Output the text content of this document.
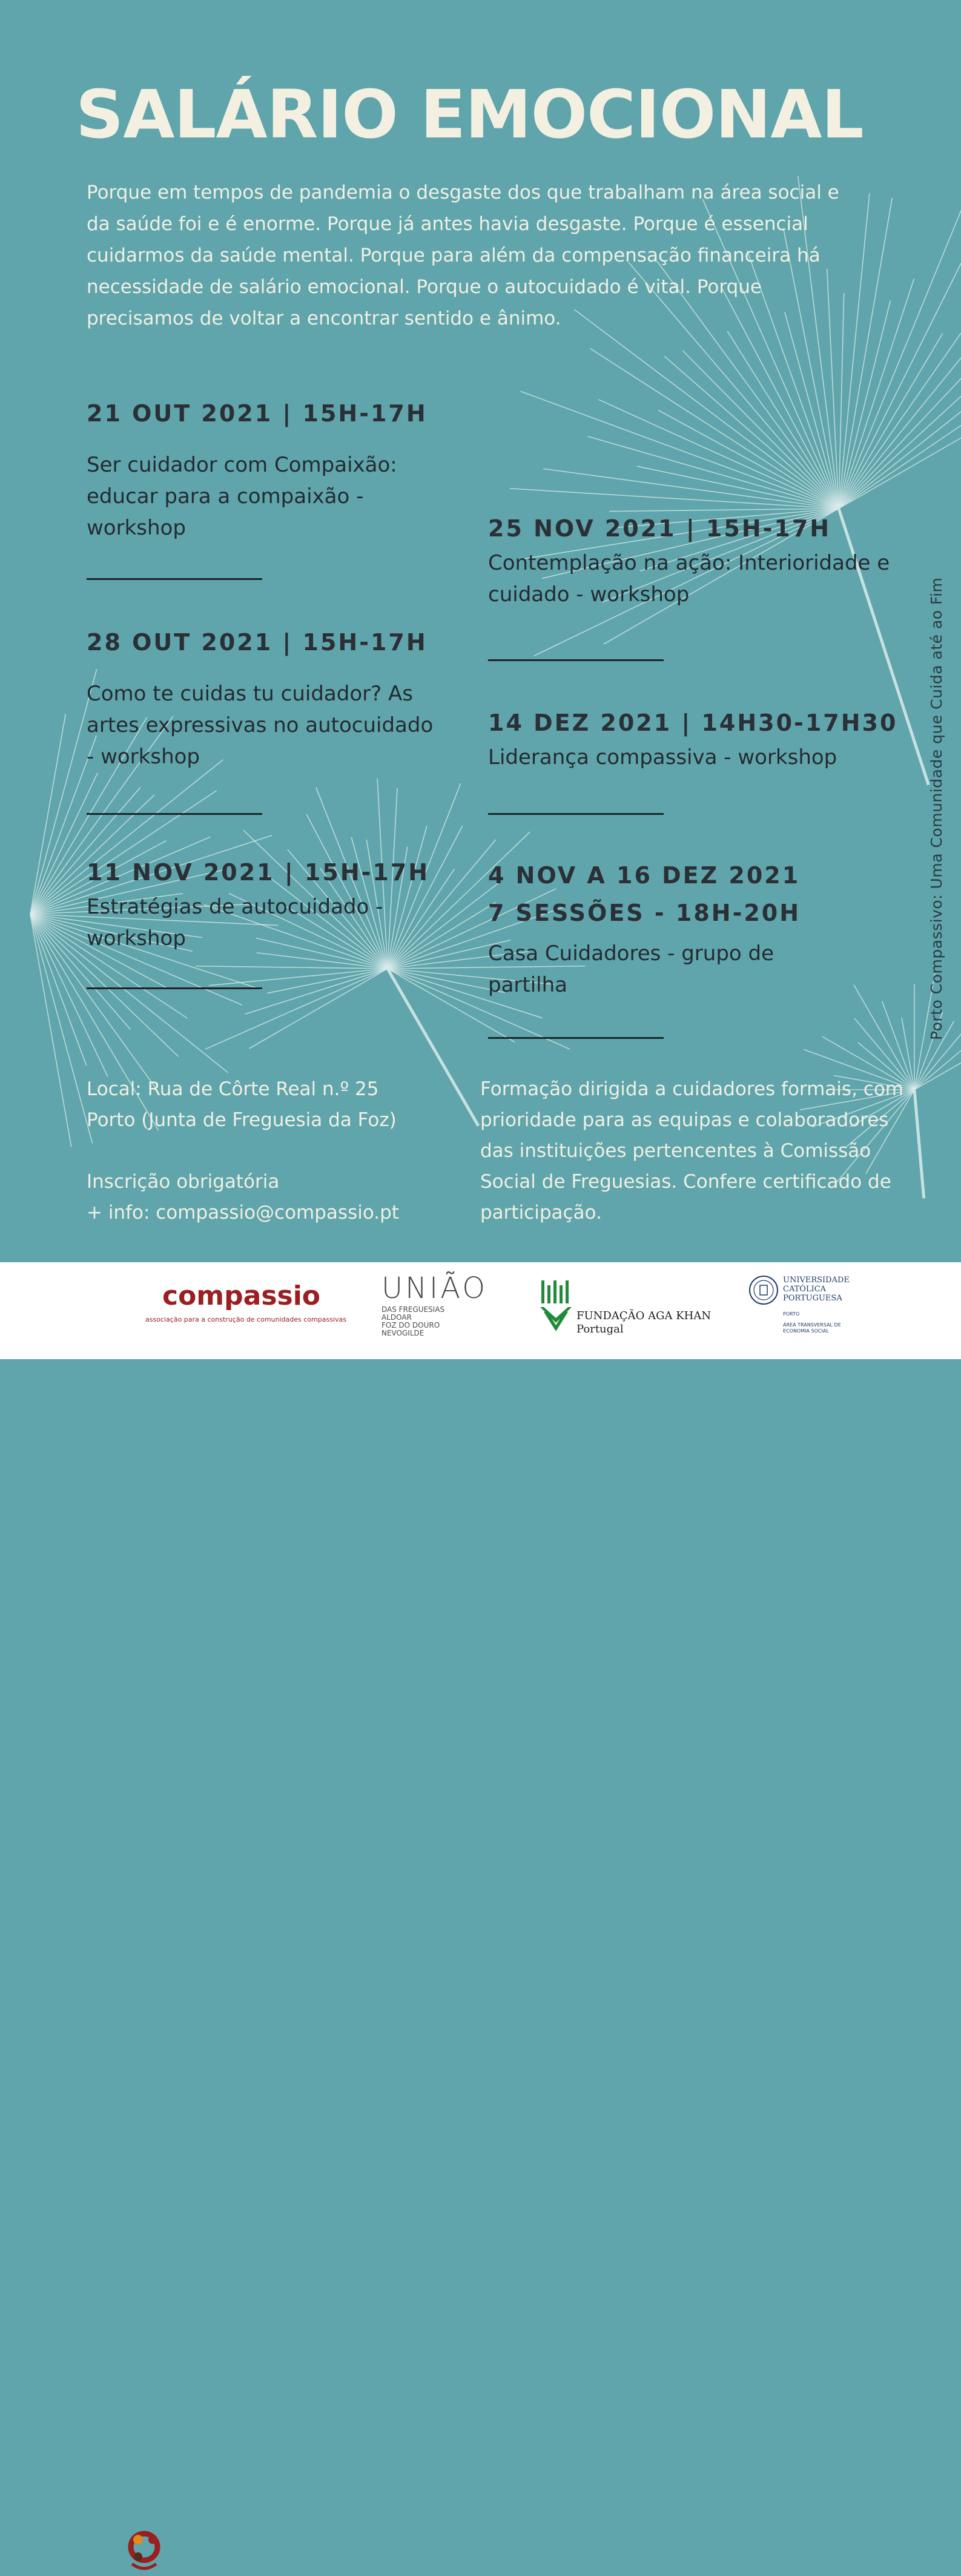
SALÁRIO EMOCIONAL
Porque em tempos de pandemia o desgaste dos que trabalham na área social e da saúde foi e é enorme. Porque já antes havia desgaste. Porque é essencial cuidarmos da saúde mental. Porque para além da compensação financeira há necessidade de salário emocional. Porque o autocuidado é vital. Porque precisamos de voltar a encontrar sentido e ânimo.
21 OUT 2021 | 15H-17H
Ser cuidador com Compaixão: educar para a compaixão - workshop
28 OUT 2021 | 15H-17H
Como te cuidas tu cuidador? As artes expressivas no autocuidado - workshop
11 NOV 2021 | 15H-17H
Estratégias de autocuidado - workshop
25 NOV 2021 | 15H-17H
Contemplação na ação: Interioridade e cuidado - workshop
14 DEZ 2021 | 14H30-17H30
Liderança compassiva - workshop
4 NOV A 16 DEZ 2021
7 SESSÕES - 18H-20H
Casa Cuidadores - grupo de partilha
Local: Rua de Côrte Real n.º 25
Porto (Junta de Freguesia da Foz)
Inscrição obrigatória
+ info: compassio@compassio.pt
Formação dirigida a cuidadores formais, com prioridade para as equipas e colaboradores das instituições pertencentes à Comissão Social de Freguesias. Confere certificado de participação.
Porto Compassivo: Uma Comunidade que Cuida até ao Fim
compassio
associação para a construção de comunidades compassivas
UNIÃO
DAS FREGUESIAS
ALDOAR
FOZ DO DOURO
NEVOGILDE
FUNDAÇÃO AGA KHAN
Portugal
UNIVERSIDADE
CATÓLICA
PORTUGUESA
PORTO
ÁREA TRANSVERSAL DE
ECONOMIA SOCIAL
